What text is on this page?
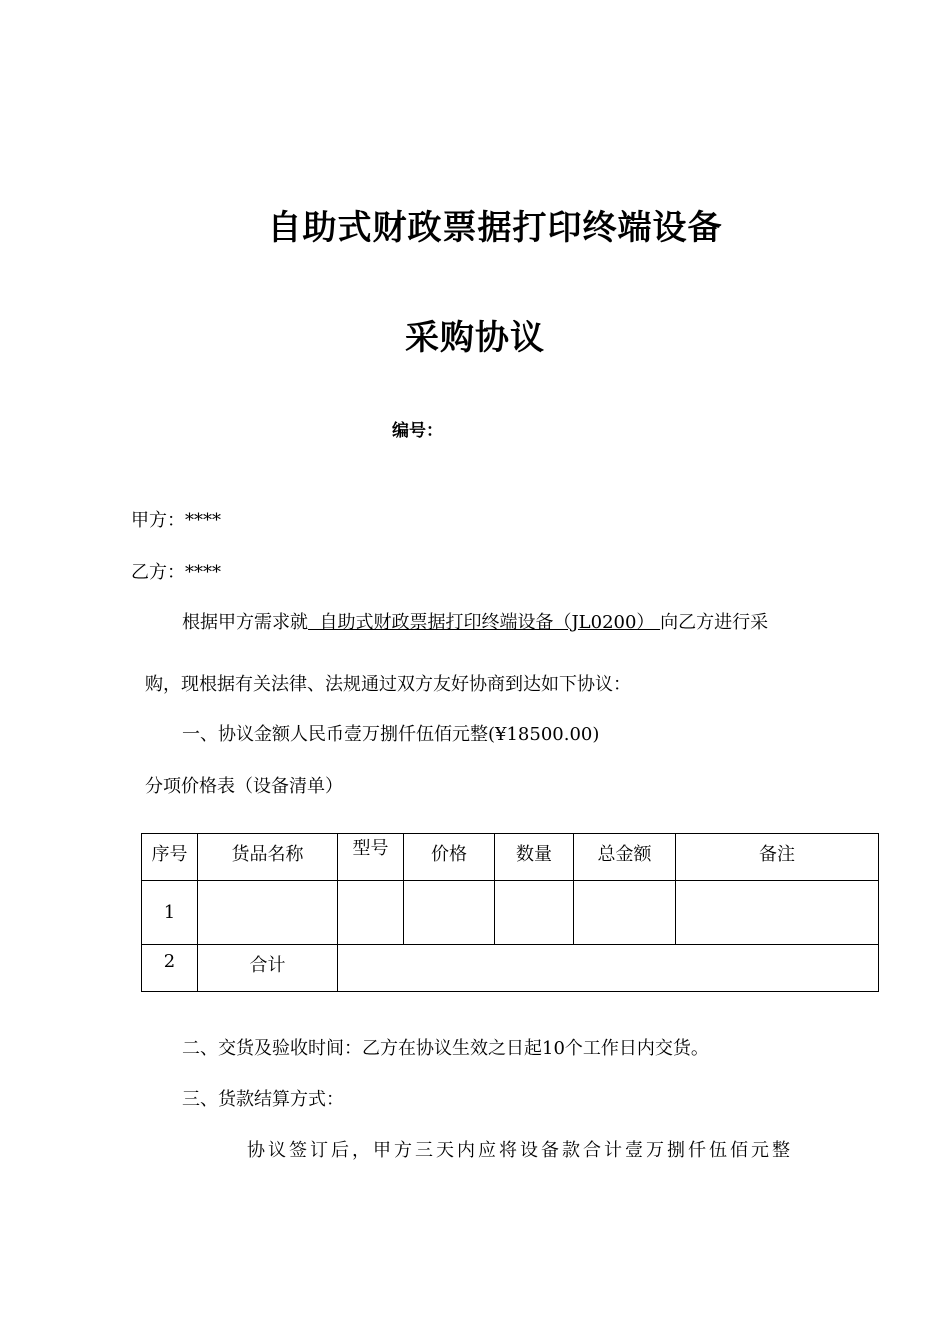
自助式财政票据打印终端设备
采购协议
编号：
甲方：****
乙方：****
根据甲方需求就  自助式财政票据打印终端设备（JL0200） 向乙方进行采
购，现根据有关法律、法规通过双方友好协商到达如下协议：
一、协议金额人民币壹万捌仟伍佰元整(¥18500.00)
分项价格表（设备清单）
序号	货品名称	型号	价格	数量	总金额	备注
1						
2	合计					
二、交货及验收时间：乙方在协议生效之日起10个工作日内交货。
三、货款结算方式：
协议签订后，甲方三天内应将设备款合计壹万捌仟伍佰元整
